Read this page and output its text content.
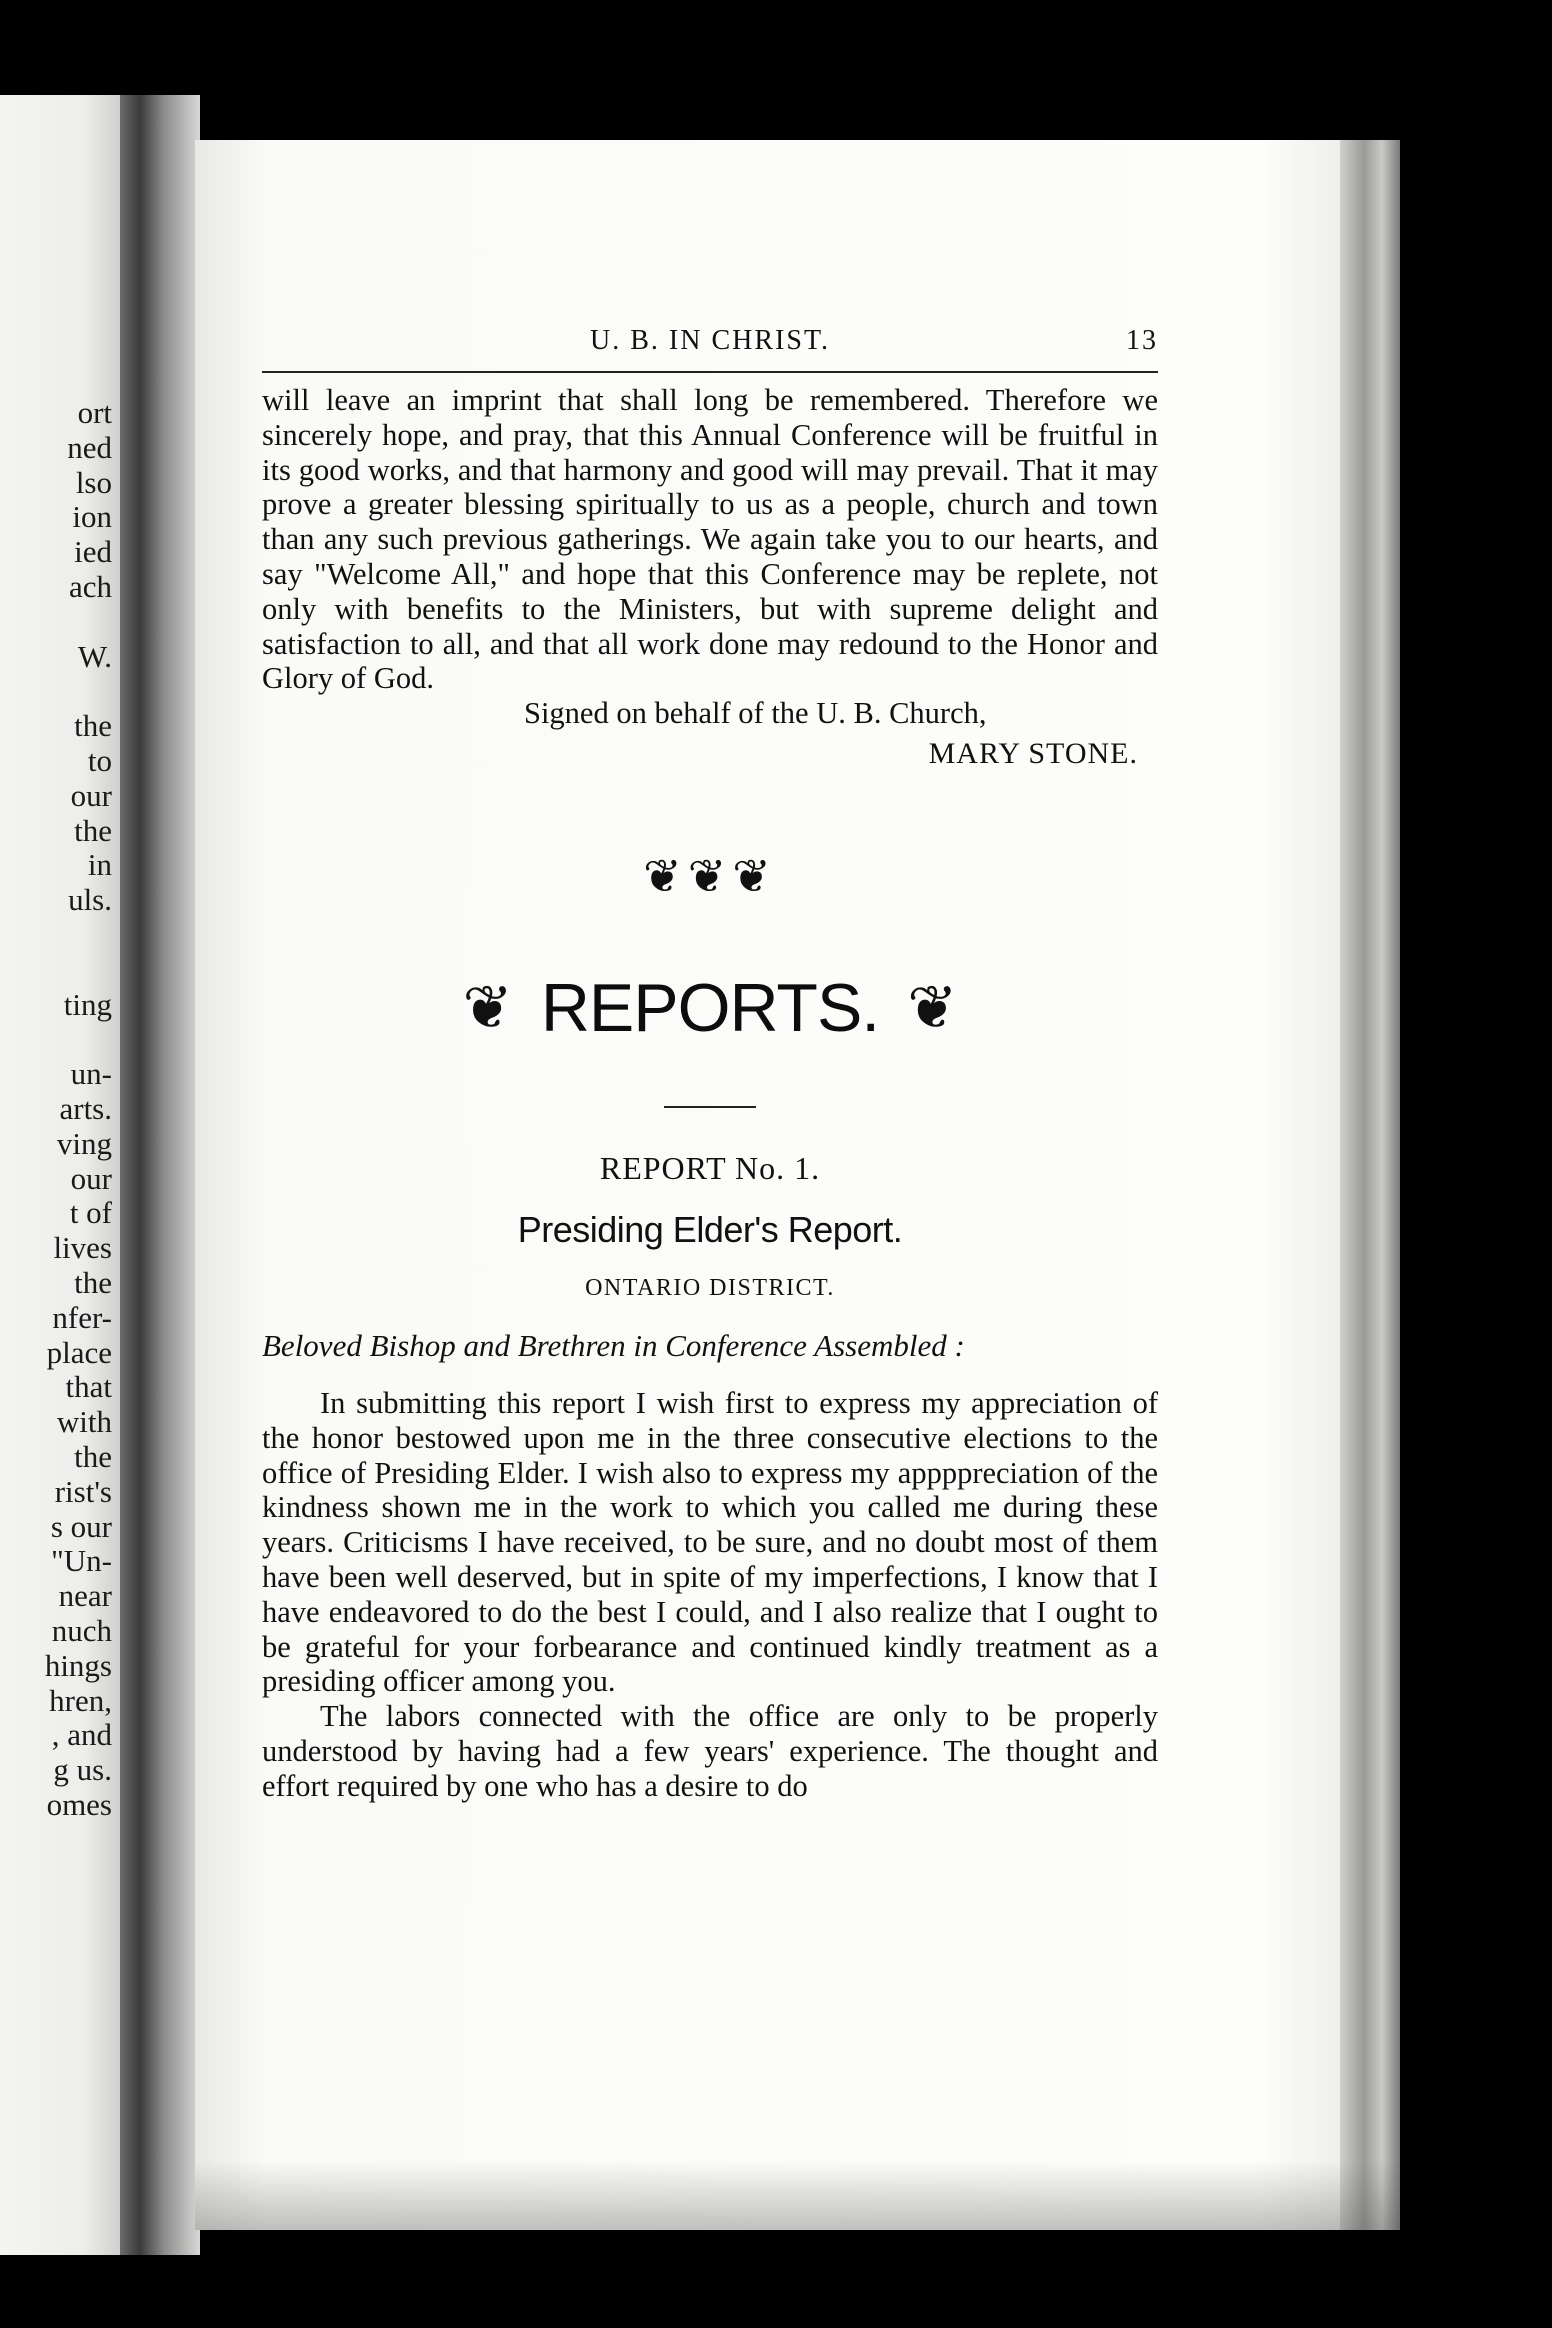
ort
ned
lso
ion
ied
ach
W.
the
to
our
the
in
uls.
ting
un-
arts.
ving
our
t of
lives
the
nfer-
place
that
with
the
rist's
s our
"Un-
near
nuch
hings
hren,
, and
g us.
omes
U. B. IN CHRIST.	13

will leave an imprint that shall long be remembered. Therefore we sincerely hope, and pray, that this Annual Conference will be fruitful in its good works, and that harmony and good will may prevail. That it may prove a greater blessing spiritually to us as a people, church and town than any such previous gatherings. We again take you to our hearts, and say "Welcome All," and hope that this Conference may be replete, not only with benefits to the Ministers, but with supreme delight and satisfaction to all, and that all work done may redound to the Honor and Glory of God.

Signed on behalf of the U. B. Church,
MARY STONE.
❦❦❦
❦ REPORTS. ❦
REPORT No. 1.
Presiding Elder's Report.
ONTARIO DISTRICT.
Beloved Bishop and Brethren in Conference Assembled :

In submitting this report I wish first to express my appreciation of the honor bestowed upon me in the three consecutive elections to the office of Presiding Elder. I wish also to express my appppreciation of the kindness shown me in the work to which you called me during these years. Criticisms I have received, to be sure, and no doubt most of them have been well deserved, but in spite of my imperfections, I know that I have endeavored to do the best I could, and I also realize that I ought to be grateful for your forbearance and continued kindly treatment as a presiding officer among you.

The labors connected with the office are only to be properly understood by having had a few years' experience. The thought and effort required by one who has a desire to do
